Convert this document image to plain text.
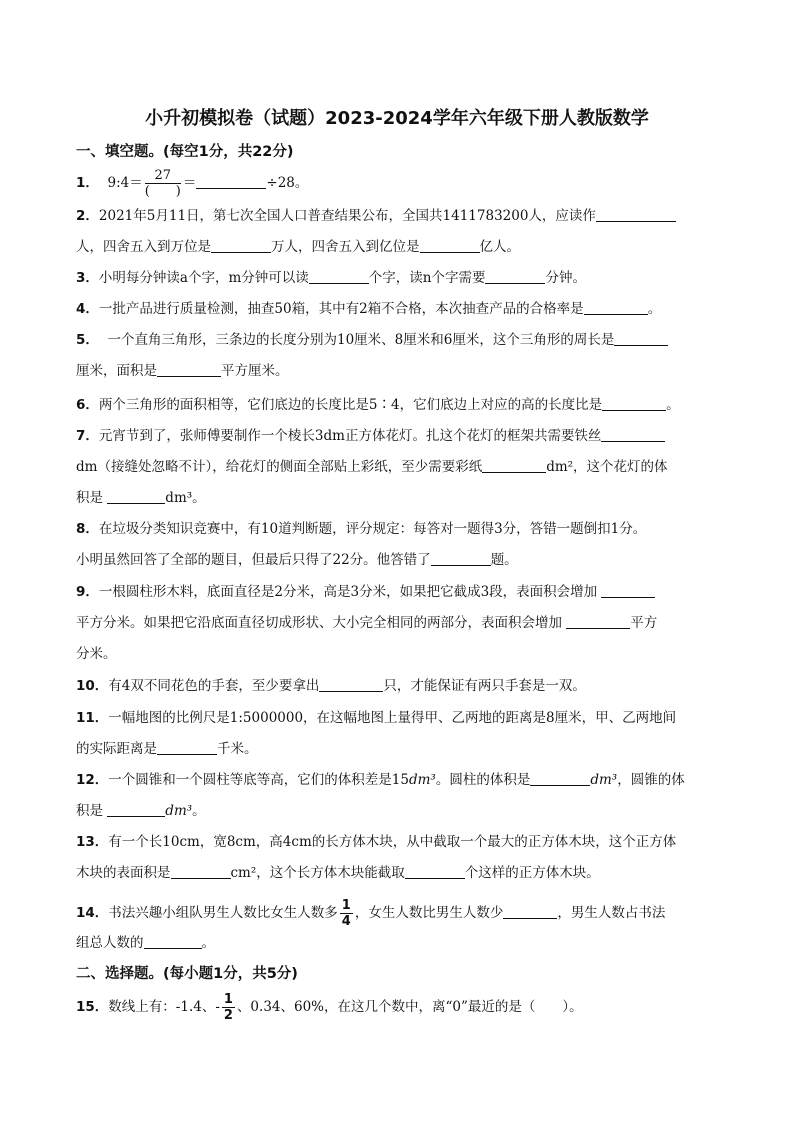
小升初模拟卷（试题）2023-2024学年六年级下册人教版数学
一、填空题。(每空1分，共22分)
1． 9:4＝ $\frac{27}{( )}$ ＝	÷28。
2．2021年5月11日，第七次全国人口普查结果公布，全国共1411783200人，应读作
人，四舍五入到万位是	万人，四舍五入到亿位是	亿人。
3．小明每分钟读a个字，m分钟可以读	个字，读n个字需要	分钟。
4．一批产品进行质量检测，抽查50箱，其中有2箱不合格，本次抽查产品的合格率是	。
5． 一个直角三角形，三条边的长度分别为10厘米、8厘米和6厘米，这个三角形的周长是
厘米，面积是	平方厘米。
6．两个三角形的面积相等，它们底边的长度比是5∶4，它们底边上对应的高的长度比是	。
7．元宵节到了，张师傅要制作一个棱长3dm正方体花灯。扎这个花灯的框架共需要铁丝
dm（接缝处忽略不计），给花灯的侧面全部贴上彩纸，至少需要彩纸	dm²，这个花灯的体
积是	dm³。
8．在垃圾分类知识竞赛中，有10道判断题，评分规定：每答对一题得3分，答错一题倒扣1分。
小明虽然回答了全部的题目，但最后只得了22分。他答错了	题。
9．一根圆柱形木料，底面直径是2分米，高是3分米，如果把它截成3段，表面积会增加
平方分米。如果把它沿底面直径切成形状、大小完全相同的两部分，表面积会增加	平方
分米。
10．有4双不同花色的手套，至少要拿出	只，才能保证有两只手套是一双。
11．一幅地图的比例尺是1:5000000，在这幅地图上量得甲、乙两地的距离是8厘米，甲、乙两地间
的实际距离是	千米。
12．一个圆锥和一个圆柱等底等高，它们的体积差是15dm³。圆柱的体积是	dm³，圆锥的体
积是	dm³。
13．有一个长10cm，宽8cm，高4cm的长方体木块，从中截取一个最大的正方体木块，这个正方体
木块的表面积是	cm²，这个长方体木块能截取	个这样的正方体木块。
14．书法兴趣小组队男生人数比女生人数多 $\frac{1}{4}$ ，女生人数比男生人数少	，男生人数占书法
组总人数的	。
二、选择题。(每小题1分，共5分)
15．数线上有：-1.4、- $\frac{1}{2}$ 、0.34、60%，在这几个数中，离“0”最近的是（　　）。
